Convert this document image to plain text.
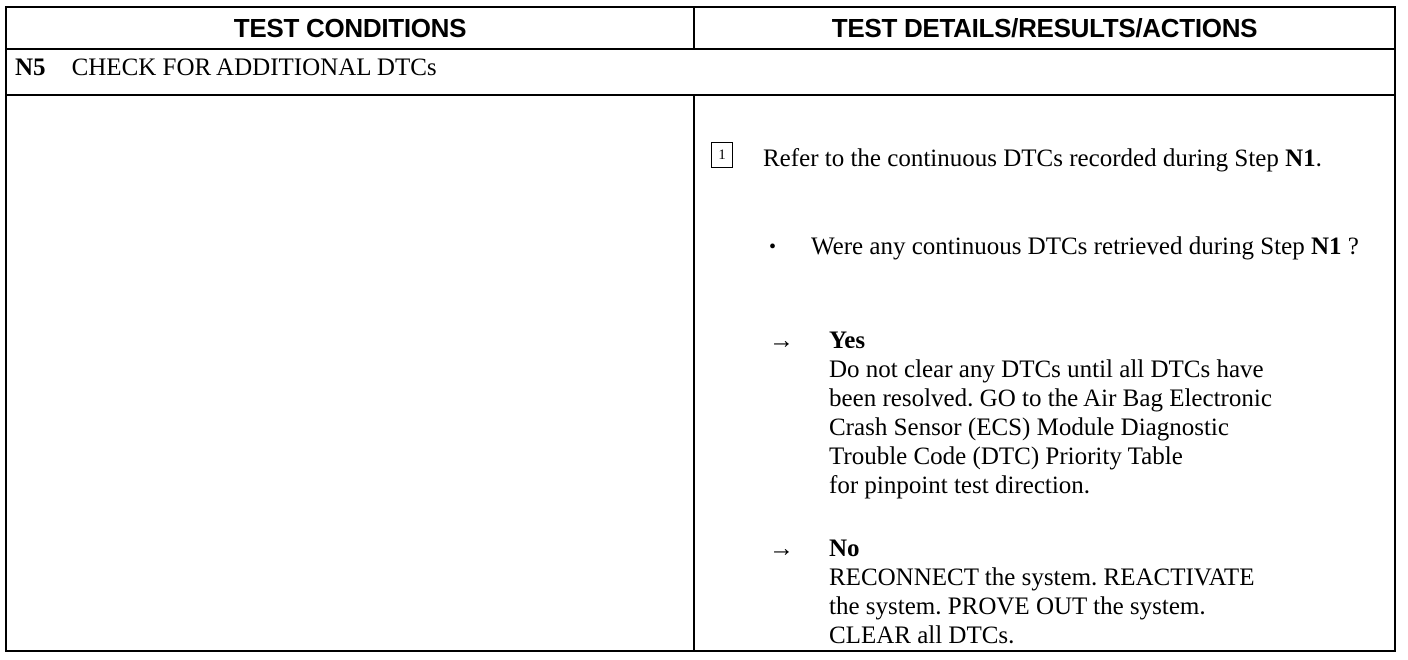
TEST CONDITIONS	TEST DETAILS/RESULTS/ACTIONS
N5 CHECK FOR ADDITIONAL DTCs
1 Refer to the continuous DTCs recorded during Step N1.
•	Were any continuous DTCs retrieved during Step N1 ?
→	Yes
Do not clear any DTCs until all DTCs have
been resolved. GO to the Air Bag Electronic
Crash Sensor (ECS) Module Diagnostic
Trouble Code (DTC) Priority Table
for pinpoint test direction.
→	No
RECONNECT the system. REACTIVATE
the system. PROVE OUT the system.
CLEAR all DTCs.
